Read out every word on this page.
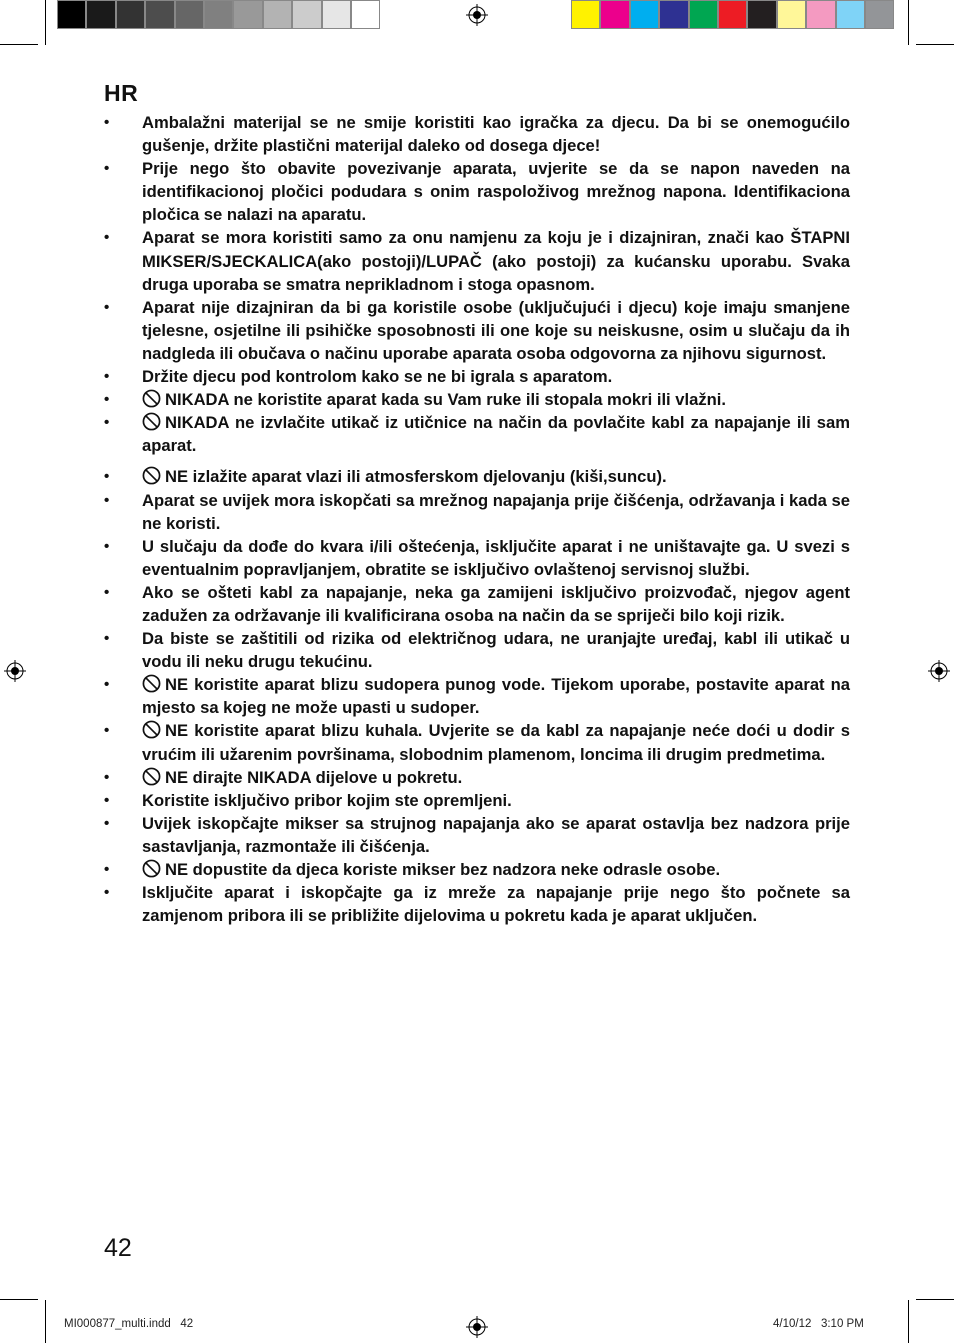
HR
• Ambalažni materijal se ne smije koristiti kao igračka za djecu. Da bi se onemogućilo gušenje, držite plastični materijal daleko od dosega djece!
• Prije nego što obavite povezivanje aparata, uvjerite se da se napon naveden na identifikacionoj pločici podudara s onim raspoloživog mrežnog napona. Identifikaciona pločica se nalazi na aparatu.
• Aparat se mora koristiti samo za onu namjenu za koju je i dizajniran, znači kao ŠTAPNI MIKSER/SJECKALICA(ako postoji)/LUPAČ (ako postoji) za kućansku uporabu. Svaka druga uporaba se smatra neprikladnom i stoga opasnom.
• Aparat nije dizajniran da bi ga koristile osobe (uključujući i djecu) koje imaju smanjene tjelesne, osjetilne ili psihičke sposobnosti ili one koje su neiskusne, osim u slučaju da ih nadgleda ili obučava o načinu uporabe aparata osoba odgovorna za njihovu sigurnost.
• Držite djecu pod kontrolom kako se ne bi igrala s aparatom.
•	NIKADA ne koristite aparat kada su Vam ruke ili stopala mokri ili vlažni.
•	NIKADA ne izvlačite utikač iz utičnice na način da povlačite kabl za napajanje ili sam aparat.
•	NE izlažite aparat vlazi ili atmosferskom djelovanju (kiši,suncu).
• Aparat se uvijek mora iskopčati sa mrežnog napajanja prije čišćenja, održavanja i kada se ne koristi.
• U slučaju da dođe do kvara i/ili oštećenja, isključite aparat i ne uništavajte ga. U svezi s eventualnim popravljanjem, obratite se isključivo ovlaštenoj servisnoj službi.
• Ako se ošteti kabl za napajanje, neka ga zamijeni isključivo proizvođač, njegov agent zadužen za održavanje ili kvalificirana osoba na način da se spriječi bilo koji rizik.
• Da biste se zaštitili od rizika od električnog udara, ne uranjajte uređaj, kabl ili utikač u vodu ili neku drugu tekućinu.
•	NE koristite aparat blizu sudopera punog vode. Tijekom uporabe, postavite aparat na mjesto sa kojeg ne može upasti u sudoper.
•	NE koristite aparat blizu kuhala. Uvjerite se da kabl za napajanje neće doći u dodir s vrućim ili užarenim površinama, slobodnim plamenom, loncima ili drugim predmetima.
•	NE dirajte NIKADA dijelove u pokretu.
• Koristite isključivo pribor kojim ste opremljeni.
• Uvijek iskopčajte mikser sa strujnog napajanja ako se aparat ostavlja bez nadzora prije sastavljanja, razmontaže ili čišćenja.
•	NE dopustite da djeca koriste mikser bez nadzora neke odrasle osobe.
• Isključite aparat i iskopčajte ga iz mreže za napajanje prije nego što počnete sa zamjenom pribora ili se približite dijelovima u pokretu kada je aparat uključen.
42
MI000877_multi.indd   42	4/10/12   3:10 PM
